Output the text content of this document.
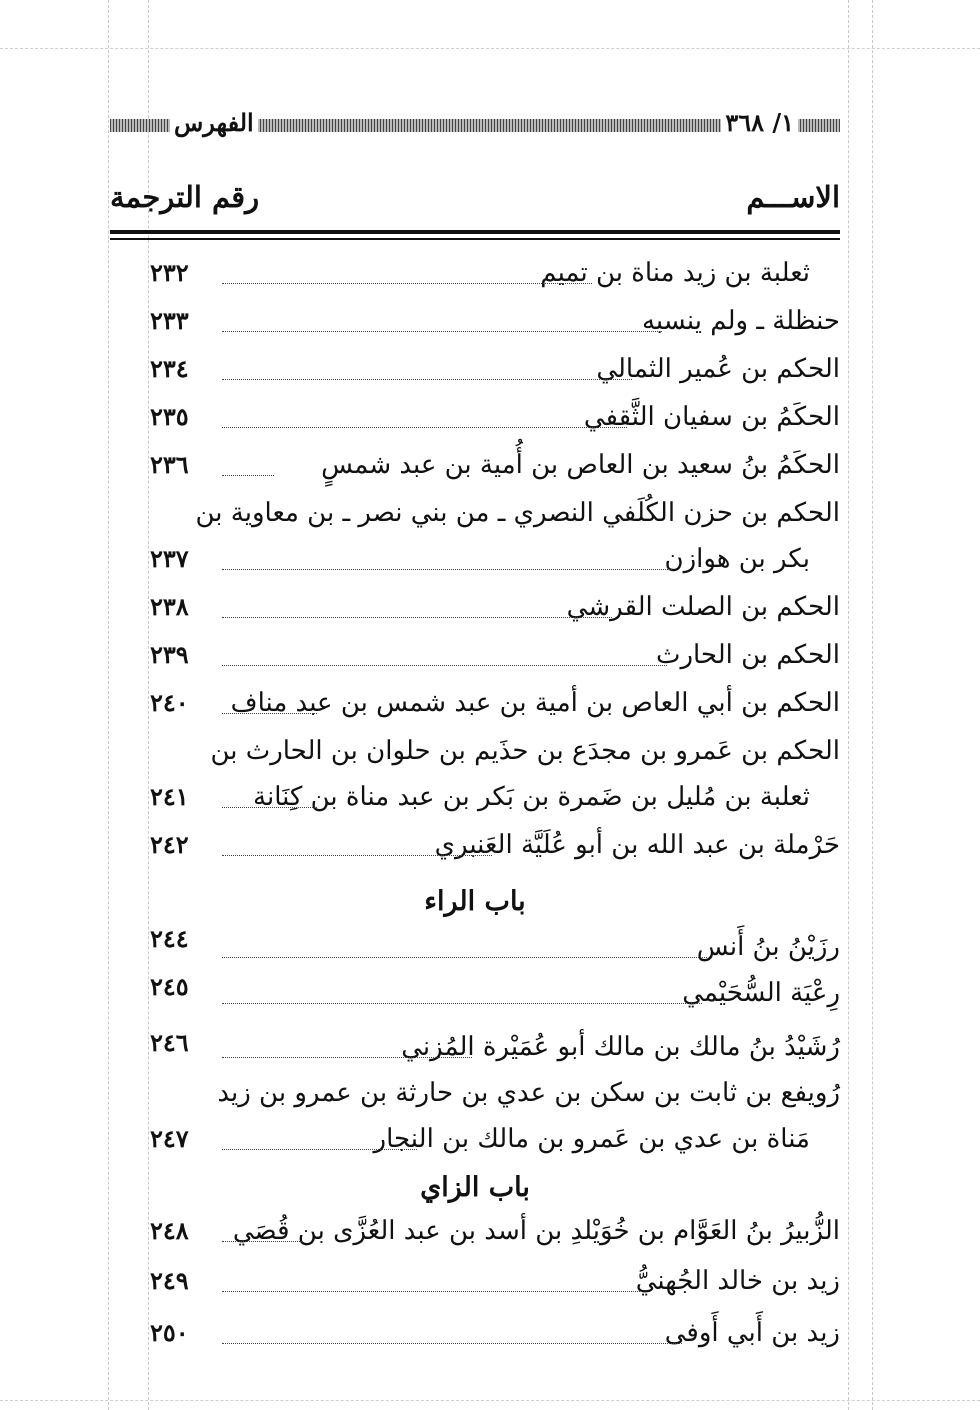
١/ ٣٦٨
الفهرس
الاســـم
رقم الترجمة
ثعلبة بن زيد مناة بن تميم
٢٣٢
حنظلة ـ ولم ينسبه
٢٣٣
الحكم بن عُمير الثمالي
٢٣٤
الحكَمُ بن سفيان الثَّقفي
٢٣٥
الحكَمُ بنُ سعيد بن العاص بن أُمية بن عبد شمسٍ
٢٣٦
الحكم بن حزن الكُلَفي النصري ـ من بني نصر ـ بن معاوية بن
بكر بن هوازن
٢٣٧
الحكم بن الصلت القرشي
٢٣٨
الحكم بن الحارث
٢٣٩
الحكم بن أبي العاص بن أمية بن عبد شمس بن عبد مناف
٢٤٠
الحكم بن عَمرو بن مجدَع بن حذَيم بن حلوان بن الحارث بن
ثعلبة بن مُليل بن ضَمرة بن بَكر بن عبد مناة بن كِنَانة
٢٤١
حَرْملة بن عبد الله بن أبو عُلَيَّة العَنبري
٢٤٢
باب الراء
رزَيْنُ بنُ أَنس
٢٤٤
رِعْيَة السُّحَيْمي
٢٤٥
رُشَيْدُ بنُ مالك بن مالك أبو عُمَيْرة المُزني
٢٤٦
رُويفع بن ثابت بن سكن بن عدي بن حارثة بن عمرو بن زيد
مَناة بن عدي بن عَمرو بن مالك بن النجار
٢٤٧
باب الزاي
الزُّبيرُ بنُ العَوَّام بن خُوَيْلدِ بن أسد بن عبد العُزَّى بن قُصَي
٢٤٨
زيد بن خالد الجُهنيُّ
٢٤٩
زيد بن أَبي أَوفى
٢٥٠
